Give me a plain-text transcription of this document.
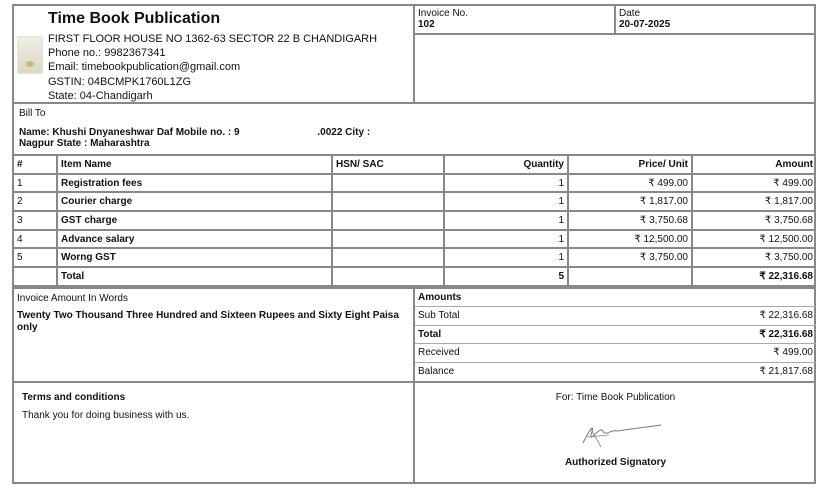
Time Book Publication
FIRST FLOOR HOUSE NO 1362-63 SECTOR 22 B CHANDIGARH
Phone no.: 9982367341
Email: timebookpublication@gmail.com
GSTIN: 04BCMPK1760L1ZG
State: 04-Chandigarh
Invoice No.
102
Date
20-07-2025
Bill To
Name: Khushi Dnyaneshwar Daf Mobile no. : 9                            .0022 City :
Nagpur State : Maharashtra
#	Item Name	HSN/ SAC	Quantity	Price/ Unit	Amount
1	Registration fees		1	₹ 499.00	₹ 499.00
2	Courier charge		1	₹ 1,817.00	₹ 1,817.00
3	GST charge		1	₹ 3,750.68	₹ 3,750.68
4	Advance salary		1	₹ 12,500.00	₹ 12,500.00
5	Worng GST		1	₹ 3,750.00	₹ 3,750.00
	Total		5		₹ 22,316.68
Invoice Amount In Words
Twenty Two Thousand Three Hundred and Sixteen Rupees and Sixty Eight Paisa only
Amounts
Sub Total	₹ 22,316.68
Total	₹ 22,316.68
Received	₹ 499.00
Balance	₹ 21,817.68
Terms and conditions
Thank you for doing business with us.
For: Time Book Publication
Authorized Signatory
